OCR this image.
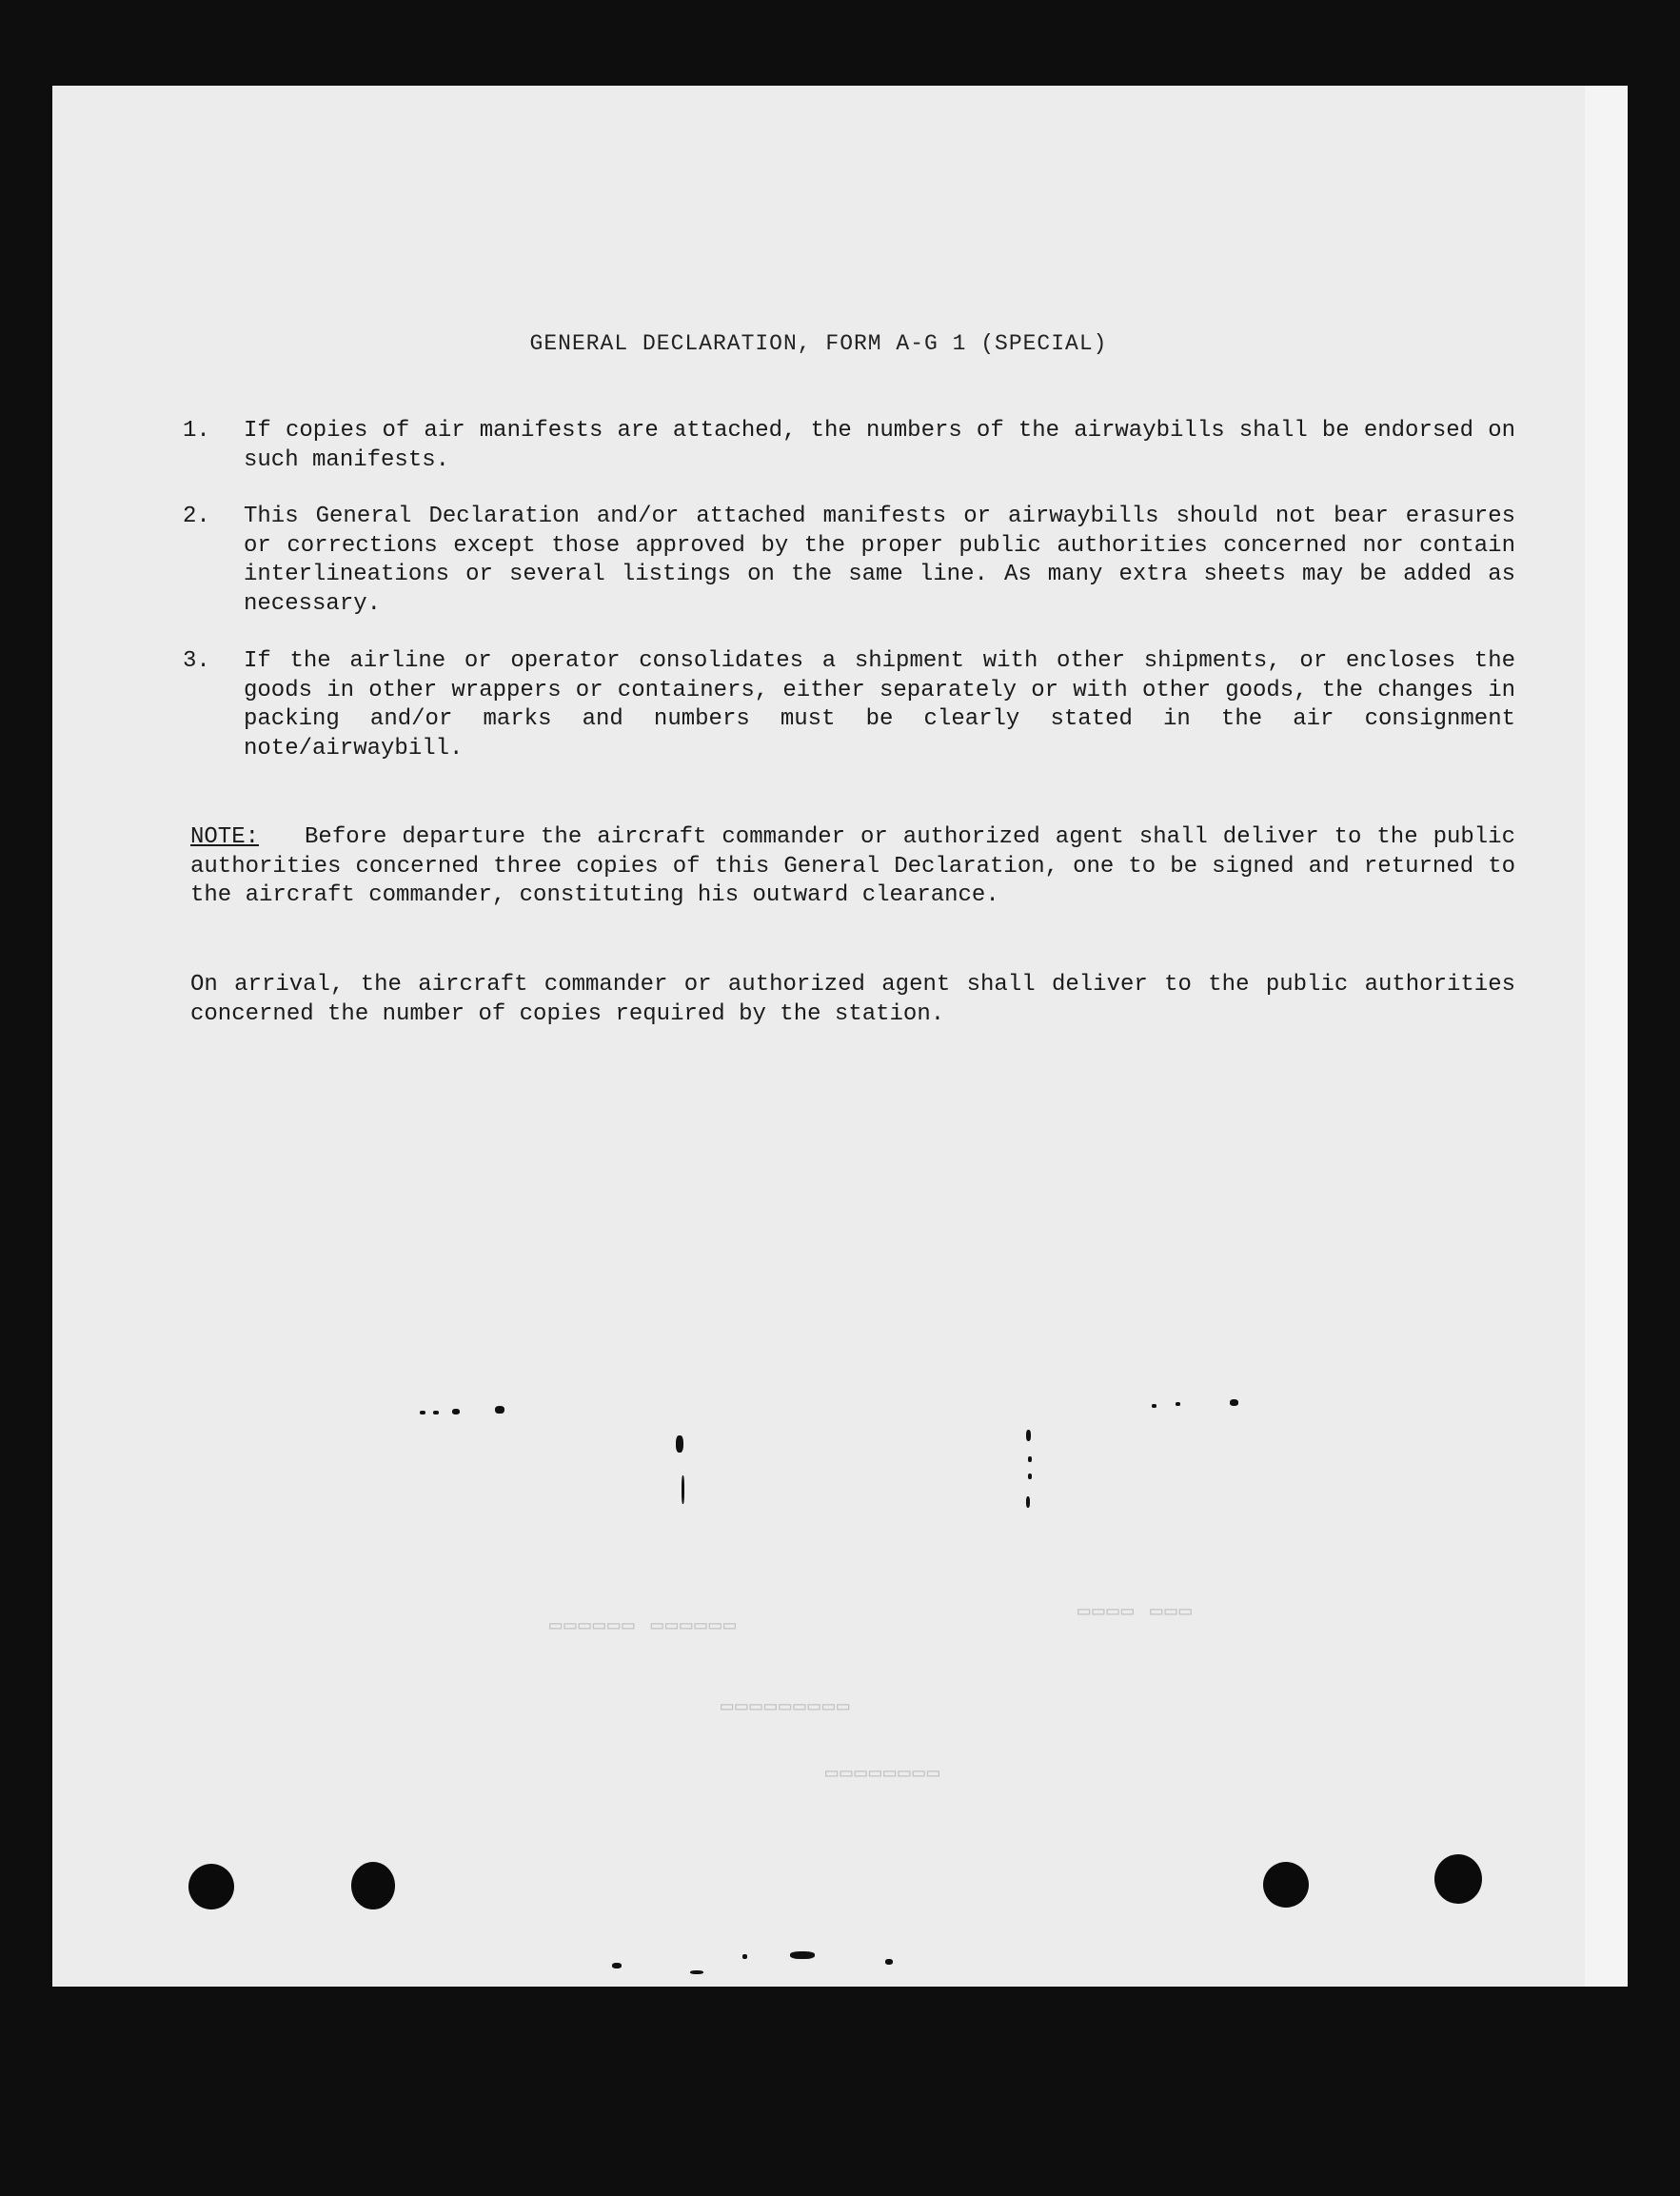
GENERAL DECLARATION, FORM A-G 1 (SPECIAL)
1. If copies of air manifests are attached, the numbers of the airwaybills shall be endorsed on such manifests.
2. This General Declaration and/or attached manifests or airwaybills should not bear erasures or corrections except those approved by the proper public authorities concerned nor contain interlineations or several listings on the same line. As many extra sheets may be added as necessary.
3. If the airline or operator consolidates a shipment with other shipments, or encloses the goods in other wrappers or containers, either separately or with other goods, the changes in packing and/or marks and numbers must be clearly stated in the air consignment note/airwaybill.
NOTE: Before departure the aircraft commander or authorized agent shall deliver to the public authorities concerned three copies of this General Declaration, one to be signed and returned to the aircraft commander, constituting his outward clearance.
On arrival, the aircraft commander or authorized agent shall deliver to the public authorities concerned the number of copies required by the station.
▭▭▭ ▭▭▭▭
▭▭▭▭▭▭ ▭▭▭▭▭▭
▭▭▭▭▭▭▭▭▭
▭▭▭▭▭▭▭▭
